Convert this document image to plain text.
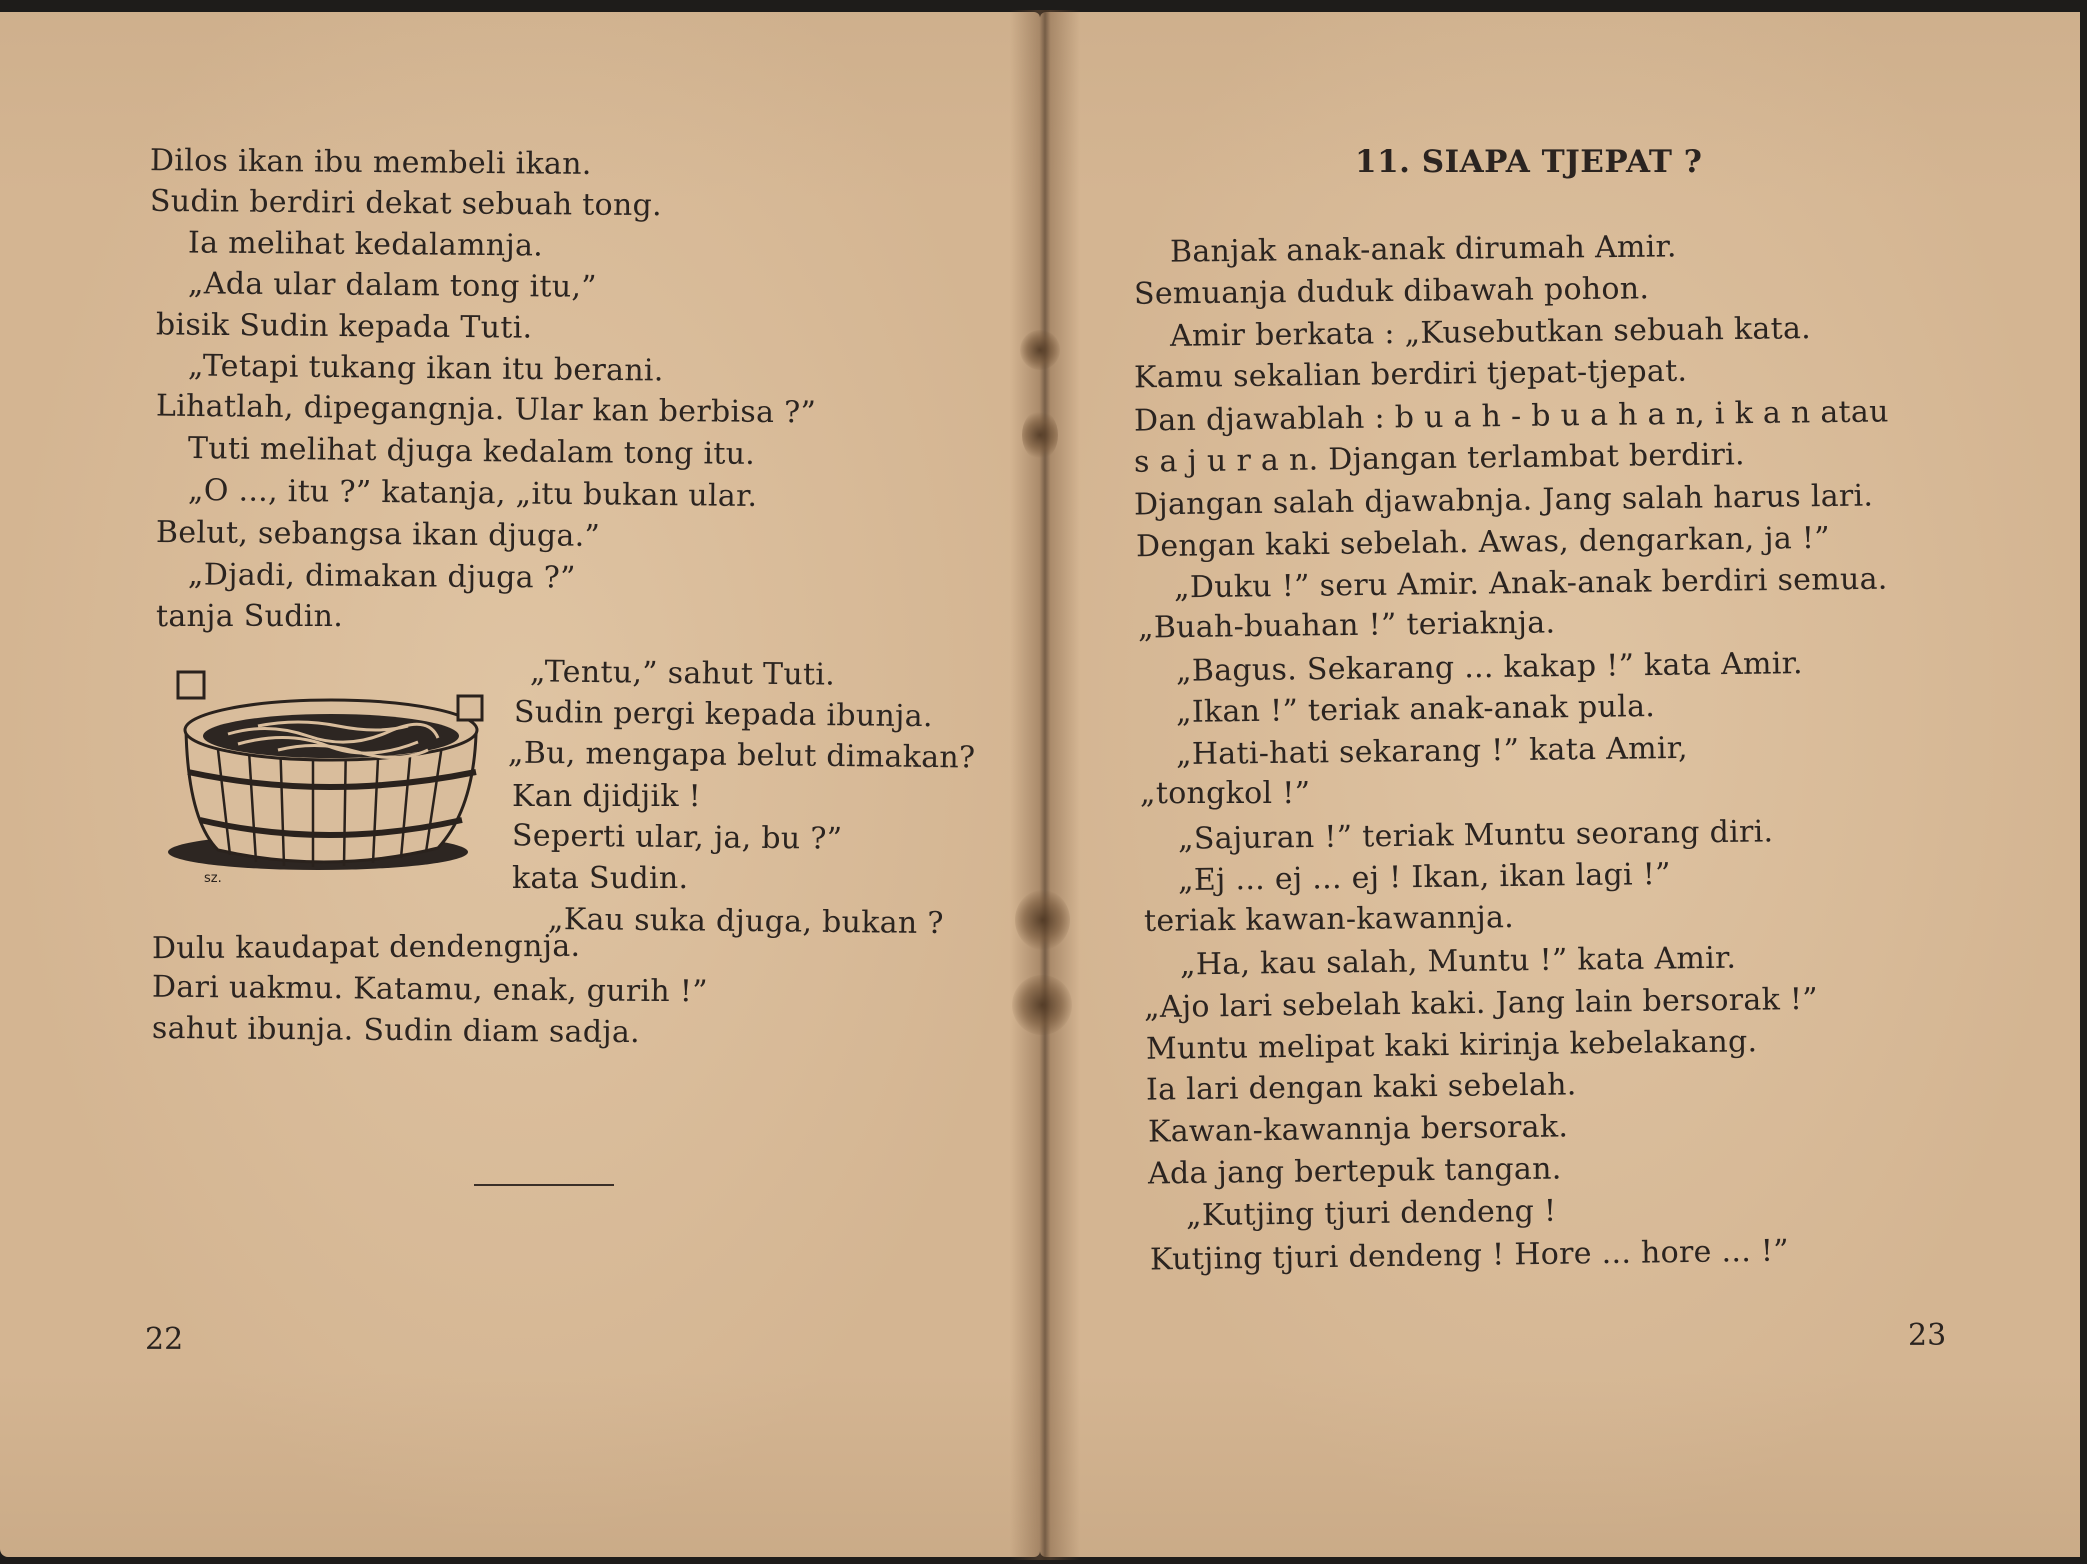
Dilos ikan ibu membeli ikan.
Sudin berdiri dekat sebuah tong.
Ia melihat kedalamnja.
„Ada ular dalam tong itu,”
bisik Sudin kepada Tuti.
„Tetapi tukang ikan itu berani.
Lihatlah, dipegangnja. Ular kan berbisa ?”
Tuti melihat djuga kedalam tong itu.
„O ..., itu ?” katanja, „itu bukan ular.
Belut, sebangsa ikan djuga.”
„Djadi, dimakan djuga ?”
tanja Sudin.
„Tentu,” sahut Tuti.
Sudin pergi kepada ibunja.
„Bu, mengapa belut dimakan?
Kan djidjik !
Seperti ular, ja, bu ?”
kata Sudin.
„Kau suka djuga, bukan ?
Dulu kaudapat dendengnja.
Dari uakmu. Katamu, enak, gurih !”
sahut ibunja. Sudin diam sadja.
sz.
22
11. SIAPA TJEPAT ?
Banjak anak-anak dirumah Amir.
Semuanja duduk dibawah pohon.
Amir berkata : „Kusebutkan sebuah kata.
Kamu sekalian berdiri tjepat-tjepat.
Dan djawablah : b u a h - b u a h a n, i k a n atau
s a j u r a n. Djangan terlambat berdiri.
Djangan salah djawabnja. Jang salah harus lari.
Dengan kaki sebelah. Awas, dengarkan, ja !”
„Duku !” seru Amir. Anak-anak berdiri semua.
„Buah-buahan !” teriaknja.
„Bagus. Sekarang ... kakap !” kata Amir.
„Ikan !” teriak anak-anak pula.
„Hati-hati sekarang !” kata Amir,
„tongkol !”
„Sajuran !” teriak Muntu seorang diri.
„Ej ... ej ... ej ! Ikan, ikan lagi !”
teriak kawan-kawannja.
„Ha, kau salah, Muntu !” kata Amir.
„Ajo lari sebelah kaki. Jang lain bersorak !”
Muntu melipat kaki kirinja kebelakang.
Ia lari dengan kaki sebelah.
Kawan-kawannja bersorak.
Ada jang bertepuk tangan.
„Kutjing tjuri dendeng !
Kutjing tjuri dendeng ! Hore ... hore ... !”
23
